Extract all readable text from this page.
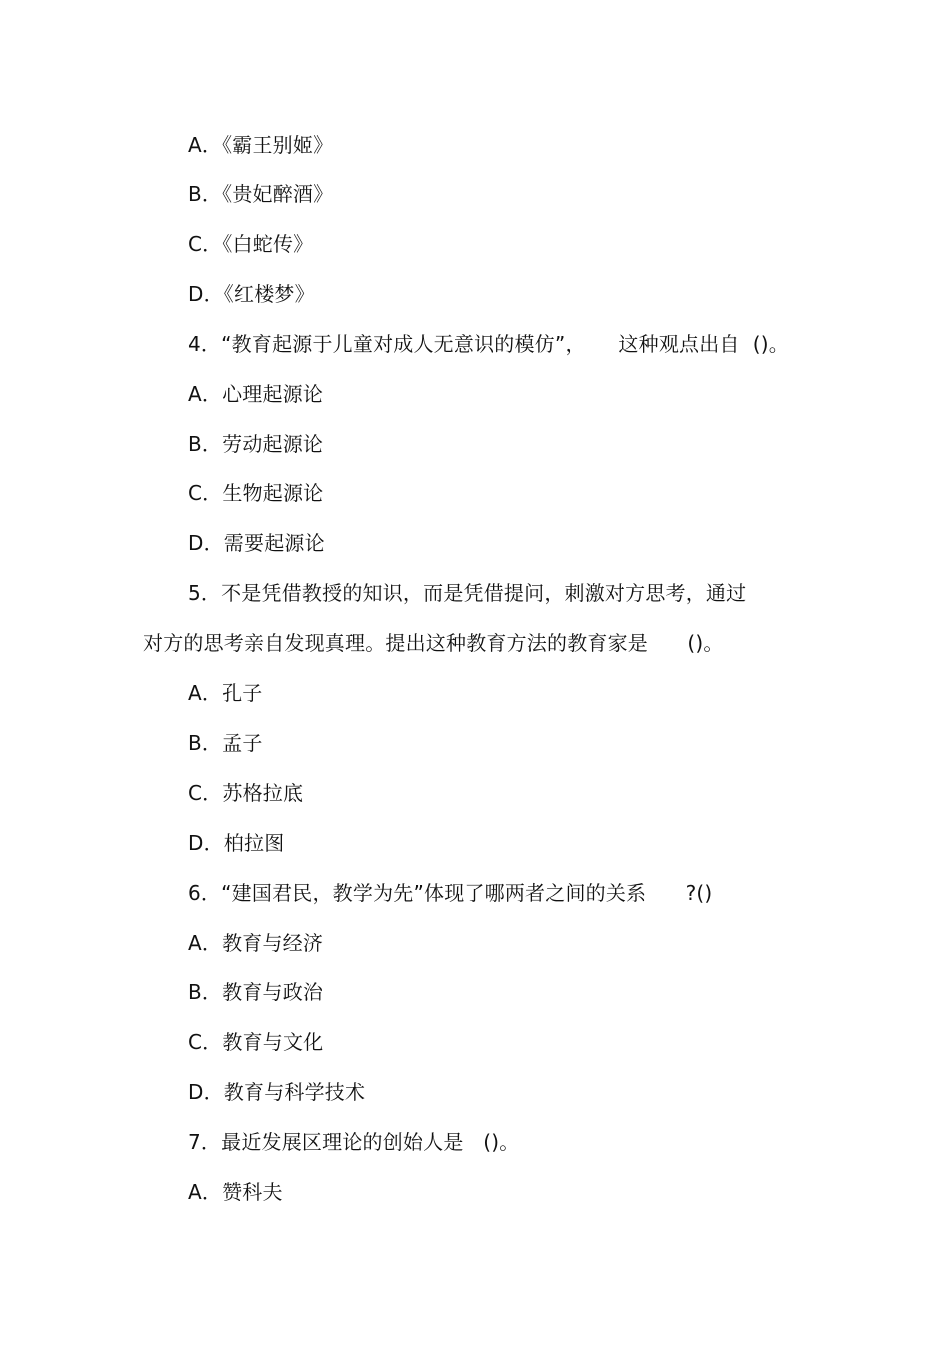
A．《霸王别姬》
B．《贵妃醉酒》
C．《白蛇传》
D．《红楼梦》
4．“教育起源于儿童对成人无意识的模仿”，     这种观点出自  ()。
A．心理起源论
B．劳动起源论
C．生物起源论
D．需要起源论
5．不是凭借教授的知识，而是凭借提问，刺激对方思考，通过
对方的思考亲自发现真理。提出这种教育方法的教育家是      ()。
A．孔子
B．孟子
C．苏格拉底
D．柏拉图
6．“建国君民，教学为先”体现了哪两者之间的关系      ?()
A．教育与经济
B．教育与政治
C．教育与文化
D．教育与科学技术
7．最近发展区理论的创始人是   ()。
A．赞科夫
